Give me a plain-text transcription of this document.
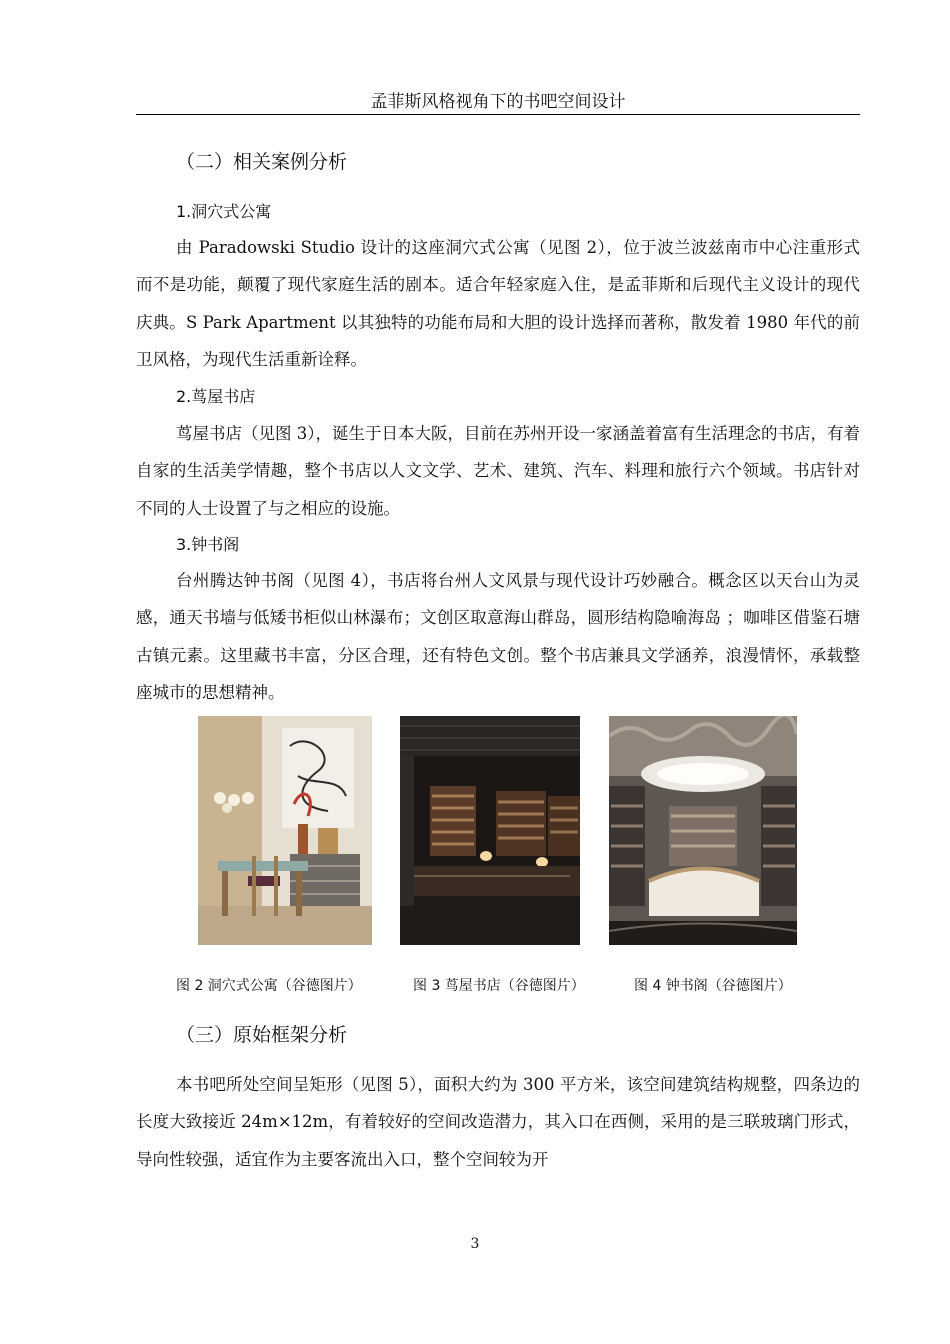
孟菲斯风格视角下的书吧空间设计
（二）相关案例分析
1.洞穴式公寓

由 Paradowski Studio 设计的这座洞穴式公寓（见图 2），位于波兰波兹南市中心注重形式而不是功能，颠覆了现代家庭生活的剧本。适合年轻家庭入住，是孟菲斯和后现代主义设计的现代庆典。S Park Apartment 以其独特的功能布局和大胆的设计选择而著称，散发着 1980 年代的前卫风格，为现代生活重新诠释。

2.茑屋书店

茑屋书店（见图 3），诞生于日本大阪，目前在苏州开设一家涵盖着富有生活理念的书店，有着自家的生活美学情趣，整个书店以人文文学、艺术、建筑、汽车、料理和旅行六个领域。书店针对不同的人士设置了与之相应的设施。

3.钟书阁

台州腾达钟书阁（见图 4），书店将台州人文风景与现代设计巧妙融合。概念区以天台山为灵感，通天书墙与低矮书柜似山林瀑布；文创区取意海山群岛，圆形结构隐喻海岛 ；咖啡区借鉴石塘古镇元素。这里藏书丰富，分区合理，还有特色文创。整个书店兼具文学涵养，浪漫情怀，承载整座城市的思想精神。

图 2 洞穴式公寓（谷德图片）	图 3 茑屋书店（谷德图片）	图 4 钟书阁（谷德图片）
（三）原始框架分析

本书吧所处空间呈矩形（见图 5），面积大约为 300 平方米，该空间建筑结构规整，四条边的长度大致接近 24m×12m，有着较好的空间改造潜力，其入口在西侧，采用的是三联玻璃门形式，导向性较强，适宜作为主要客流出入口，整个空间较为开

3
